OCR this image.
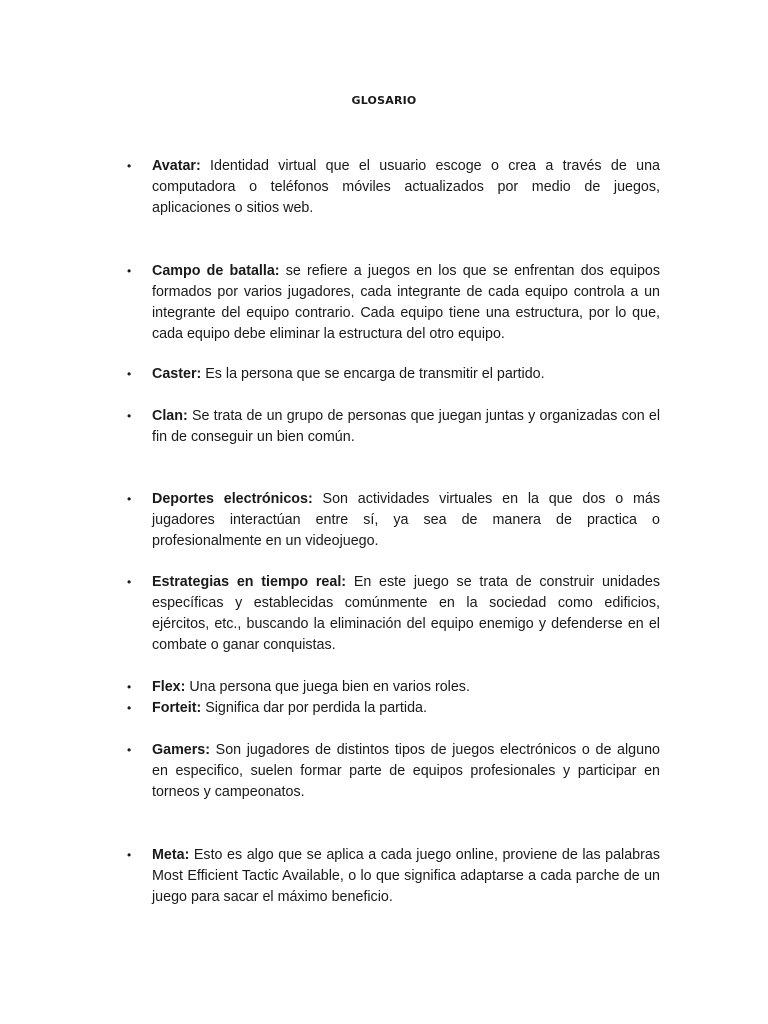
GLOSARIO
•	Avatar: Identidad virtual que el usuario escoge o crea a través de una computadora o teléfonos móviles actualizados por medio de juegos, aplicaciones o sitios web.
•	Campo de batalla: se refiere a juegos en los que se enfrentan dos equipos formados por varios jugadores, cada integrante de cada equipo controla a un integrante del equipo contrario. Cada equipo tiene una estructura, por lo que, cada equipo debe eliminar la estructura del otro equipo.
•	Caster: Es la persona que se encarga de transmitir el partido.
•	Clan: Se trata de un grupo de personas que juegan juntas y organizadas con el fin de conseguir un bien común.
•	Deportes electrónicos: Son actividades virtuales en la que dos o más jugadores interactúan entre sí, ya sea de manera de practica o profesionalmente en un videojuego.
•	Estrategias en tiempo real: En este juego se trata de construir unidades específicas y establecidas comúnmente en la sociedad como edificios, ejércitos, etc., buscando la eliminación del equipo enemigo y defenderse en el combate o ganar conquistas.
•	Flex: Una persona que juega bien en varios roles.
•	Forteit: Significa dar por perdida la partida.
•	Gamers: Son jugadores de distintos tipos de juegos electrónicos o de alguno en especifico, suelen formar parte de equipos profesionales y participar en torneos y campeonatos.
•	Meta: Esto es algo que se aplica a cada juego online, proviene de las palabras Most Efficient Tactic Available, o lo que significa adaptarse a cada parche de un juego para sacar el máximo beneficio.
